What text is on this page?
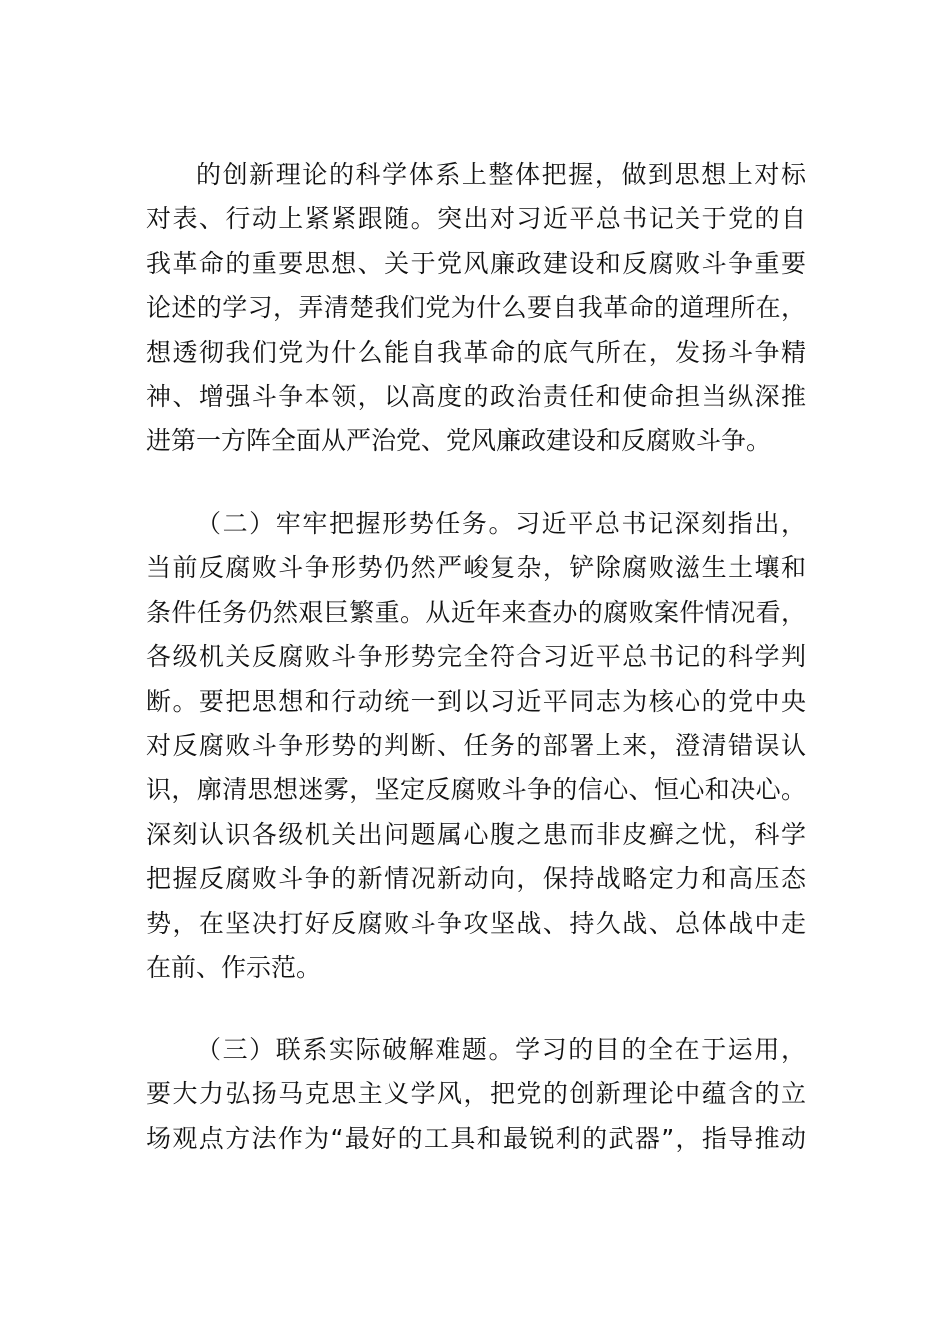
的创新理论的科学体系上整体把握，做到思想上对标
对表、行动上紧紧跟随。突出对习近平总书记关于党的自
我革命的重要思想、关于党风廉政建设和反腐败斗争重要
论述的学习，弄清楚我们党为什么要自我革命的道理所在，
想透彻我们党为什么能自我革命的底气所在，发扬斗争精
神、增强斗争本领，以高度的政治责任和使命担当纵深推
进第一方阵全面从严治党、党风廉政建设和反腐败斗争。
（二）牢牢把握形势任务。习近平总书记深刻指出，
当前反腐败斗争形势仍然严峻复杂，铲除腐败滋生土壤和
条件任务仍然艰巨繁重。从近年来查办的腐败案件情况看，
各级机关反腐败斗争形势完全符合习近平总书记的科学判
断。要把思想和行动统一到以习近平同志为核心的党中央
对反腐败斗争形势的判断、任务的部署上来，澄清错误认
识，廓清思想迷雾，坚定反腐败斗争的信心、恒心和决心。
深刻认识各级机关出问题属心腹之患而非皮癣之忧，科学
把握反腐败斗争的新情况新动向，保持战略定力和高压态
势，在坚决打好反腐败斗争攻坚战、持久战、总体战中走
在前、作示范。
（三）联系实际破解难题。学习的目的全在于运用，
要大力弘扬马克思主义学风，把党的创新理论中蕴含的立
场观点方法作为“最好的工具和最锐利的武器”，指导推动
